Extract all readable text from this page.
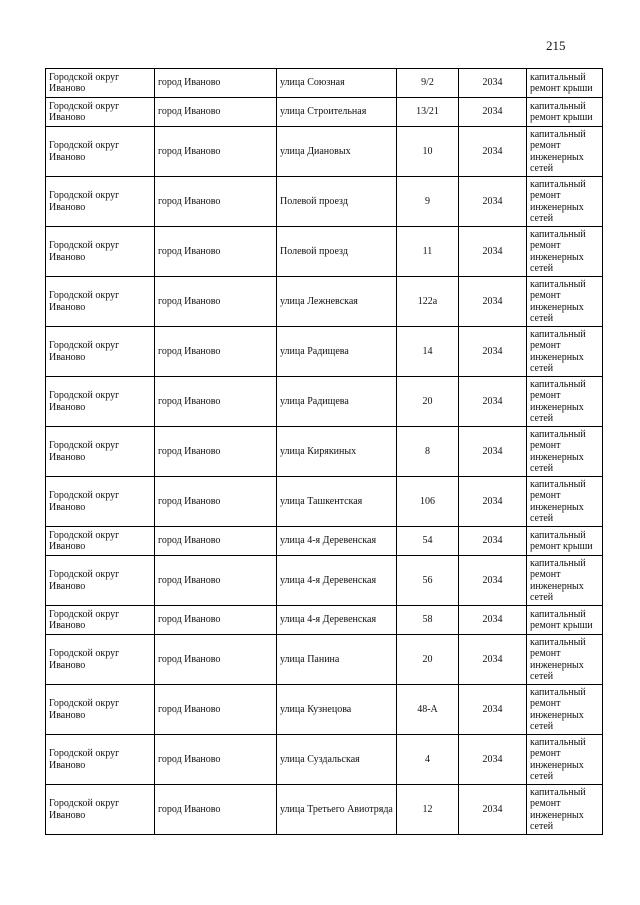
215
Городской округ Иваново	город Иваново	улица Союзная	9/2	2034	капитальный ремонт крыши
Городской округ Иваново	город Иваново	улица Строительная	13/21	2034	капитальный ремонт крыши
Городской округ Иваново	город Иваново	улица Диановых	10	2034	капитальный ремонт инженерных сетей
Городской округ Иваново	город Иваново	Полевой проезд	9	2034	капитальный ремонт инженерных сетей
Городской округ Иваново	город Иваново	Полевой проезд	11	2034	капитальный ремонт инженерных сетей
Городской округ Иваново	город Иваново	улица Лежневская	122а	2034	капитальный ремонт инженерных сетей
Городской округ Иваново	город Иваново	улица Радищева	14	2034	капитальный ремонт инженерных сетей
Городской округ Иваново	город Иваново	улица Радищева	20	2034	капитальный ремонт инженерных сетей
Городской округ Иваново	город Иваново	улица Кирякиных	8	2034	капитальный ремонт инженерных сетей
Городской округ Иваново	город Иваново	улица Ташкентская	106	2034	капитальный ремонт инженерных сетей
Городской округ Иваново	город Иваново	улица 4-я Деревенская	54	2034	капитальный ремонт крыши
Городской округ Иваново	город Иваново	улица 4-я Деревенская	56	2034	капитальный ремонт инженерных сетей
Городской округ Иваново	город Иваново	улица 4-я Деревенская	58	2034	капитальный ремонт крыши
Городской округ Иваново	город Иваново	улица Панина	20	2034	капитальный ремонт инженерных сетей
Городской округ Иваново	город Иваново	улица Кузнецова	48-А	2034	капитальный ремонт инженерных сетей
Городской округ Иваново	город Иваново	улица Суздальская	4	2034	капитальный ремонт инженерных сетей
Городской округ Иваново	город Иваново	улица Третьего Авиотряда	12	2034	капитальный ремонт инженерных сетей
